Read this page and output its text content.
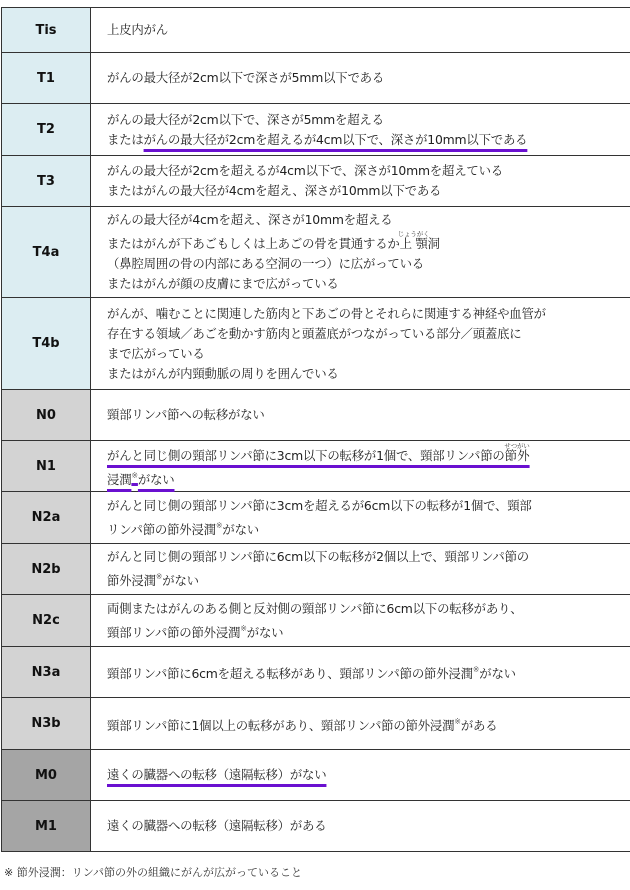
Tis	上皮内がん

T1	がんの最大径が2cm以下で深さが5mm以下である

T2	がんの最大径が2cm以下で、深さが5mmを超える
またはがんの最大径が2cmを超えるが4cm以下で、深さが10mm以下である

T3	がんの最大径が2cmを超えるが4cm以下で、深さが10mmを超えている
またはがんの最大径が4cmを超え、深さが10mm以下である

T4a	がんの最大径が4cmを超え、深さが10mmを超える
またはがんが下あごもしくは上あごの骨を貫通するか上顎じょうがく洞
（鼻腔周囲の骨の内部にある空洞の一つ）に広がっている
またはがんが顔の皮膚にまで広がっている

T4b	がんが、噛むことに関連した筋肉と下あごの骨とそれらに関連する神経や血管が
存在する領域／あごを動かす筋肉と頭蓋底がつながっている部分／頭蓋底に
まで広がっている
またはがんが内頸動脈の周りを囲んでいる

N0	頸部リンパ節への転移がない

N1	がんと同じ側の頸部リンパ節に3cm以下の転移が1個で、頸部リンパ節の節外せつがい
浸潤※がない

N2a	がんと同じ側の頸部リンパ節に3cmを超えるが6cm以下の転移が1個で、頸部
リンパ節の節外浸潤※がない

N2b	がんと同じ側の頸部リンパ節に6cm以下の転移が2個以上で、頸部リンパ節の
節外浸潤※がない

N2c	両側またはがんのある側と反対側の頸部リンパ節に6cm以下の転移があり、
頸部リンパ節の節外浸潤※がない

N3a	頸部リンパ節に6cmを超える転移があり、頸部リンパ節の節外浸潤※がない

N3b	頸部リンパ節に1個以上の転移があり、頸部リンパ節の節外浸潤※がある

M0	遠くの臓器への転移（遠隔転移）がない

M1	遠くの臓器への転移（遠隔転移）がある
※ 節外浸潤：リンパ節の外の組織にがんが広がっていること
